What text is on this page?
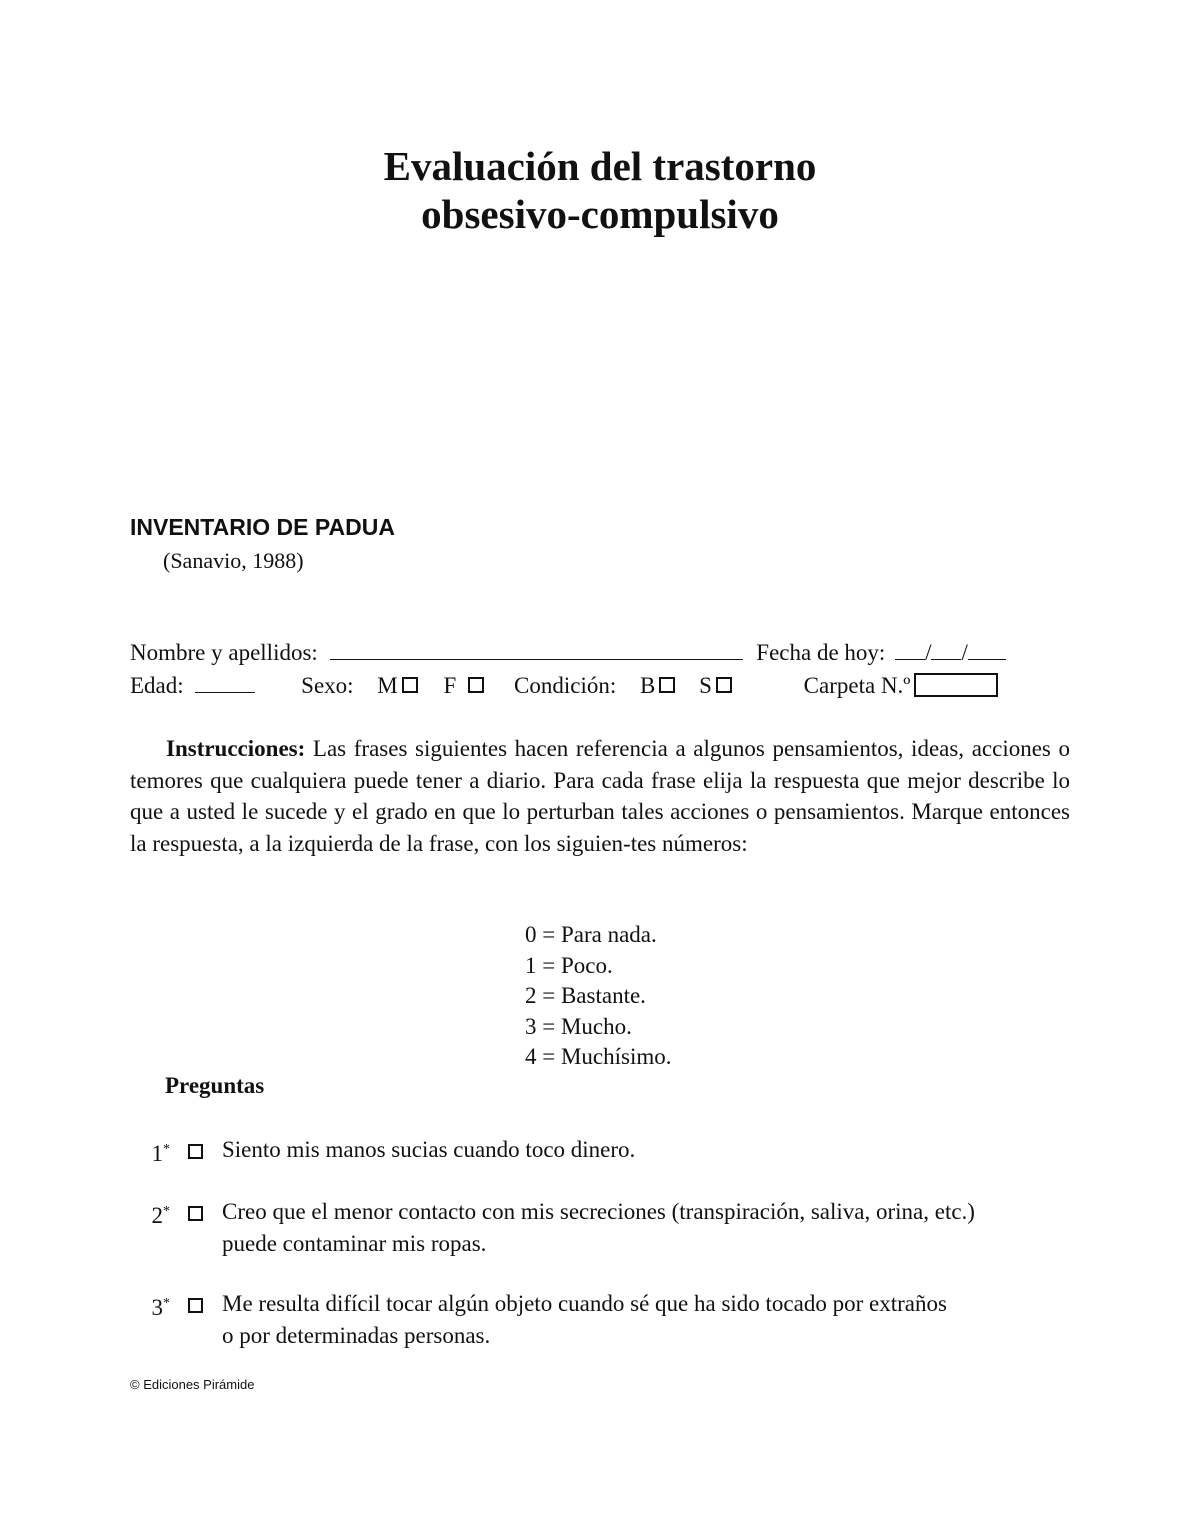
Evaluación del trastorno
obsesivo-compulsivo
INVENTARIO DE PADUA
(Sanavio, 1988)
Nombre y apellidos:	Fecha de hoy: / /
Edad:	Sexo: M F	Condición: B S	Carpeta N.º
Instrucciones: Las frases siguientes hacen referencia a algunos pensamientos, ideas, acciones o temores que cualquiera puede tener a diario. Para cada frase elija la respuesta que mejor describe lo que a usted le sucede y el grado en que lo perturban tales acciones o pensamientos. Marque entonces la respuesta, a la izquierda de la frase, con los siguien-tes números:
0 = Para nada.
1 = Poco.
2 = Bastante.
3 = Mucho.
4 = Muchísimo.
Preguntas
1* Siento mis manos sucias cuando toco dinero.
2* Creo que el menor contacto con mis secreciones (transpiración, saliva, orina, etc.)
puede contaminar mis ropas.
3* Me resulta difícil tocar algún objeto cuando sé que ha sido tocado por extraños
o por determinadas personas.
© Ediciones Pirámide
